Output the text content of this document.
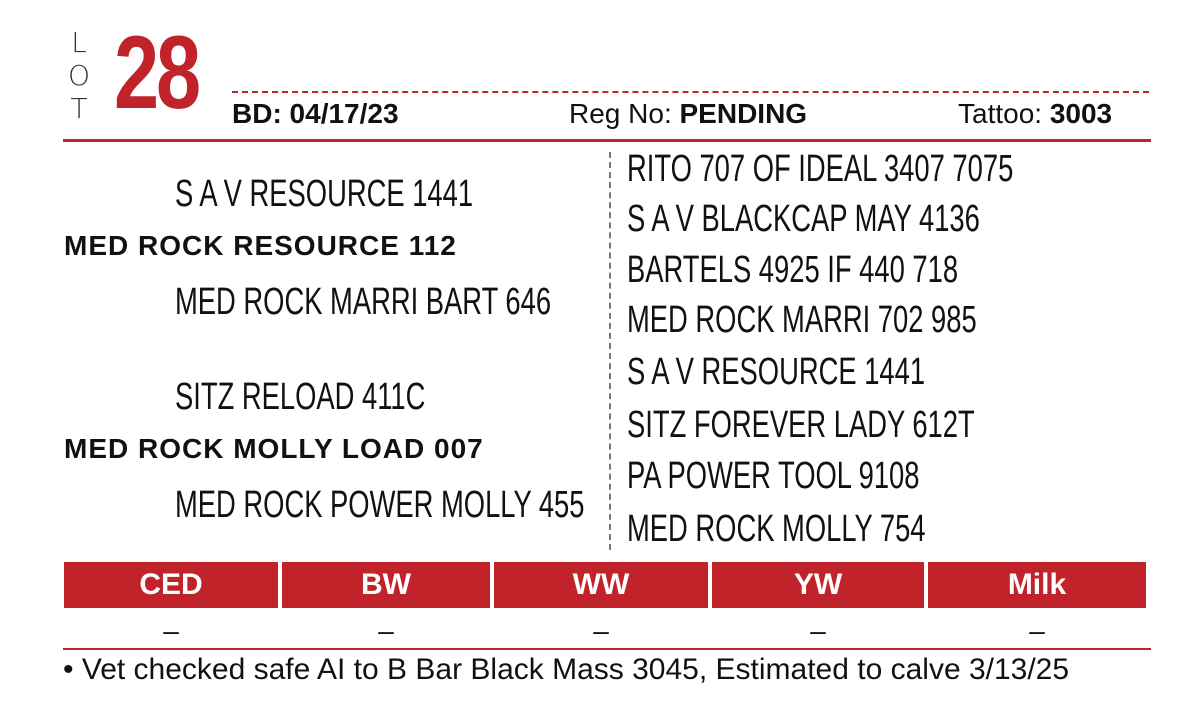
L
O
T 28 BD: 04/17/23	Reg No: PENDING	Tattoo: 3003
S A V RESOURCE 1441
MED ROCK RESOURCE 112
MED ROCK MARRI BART 646
SITZ RELOAD 411C
MED ROCK MOLLY LOAD 007
MED ROCK POWER MOLLY 455
RITO 707 OF IDEAL 3407 7075
S A V BLACKCAP MAY 4136
BARTELS 4925 IF 440 718
MED ROCK MARRI 702 985
S A V RESOURCE 1441
SITZ FOREVER LADY 612T
PA POWER TOOL 9108
MED ROCK MOLLY 754
CED	BW	WW	YW	Milk
–	–	–	–	–
• Vet checked safe AI to B Bar Black Mass 3045, Estimated to calve 3/13/25
